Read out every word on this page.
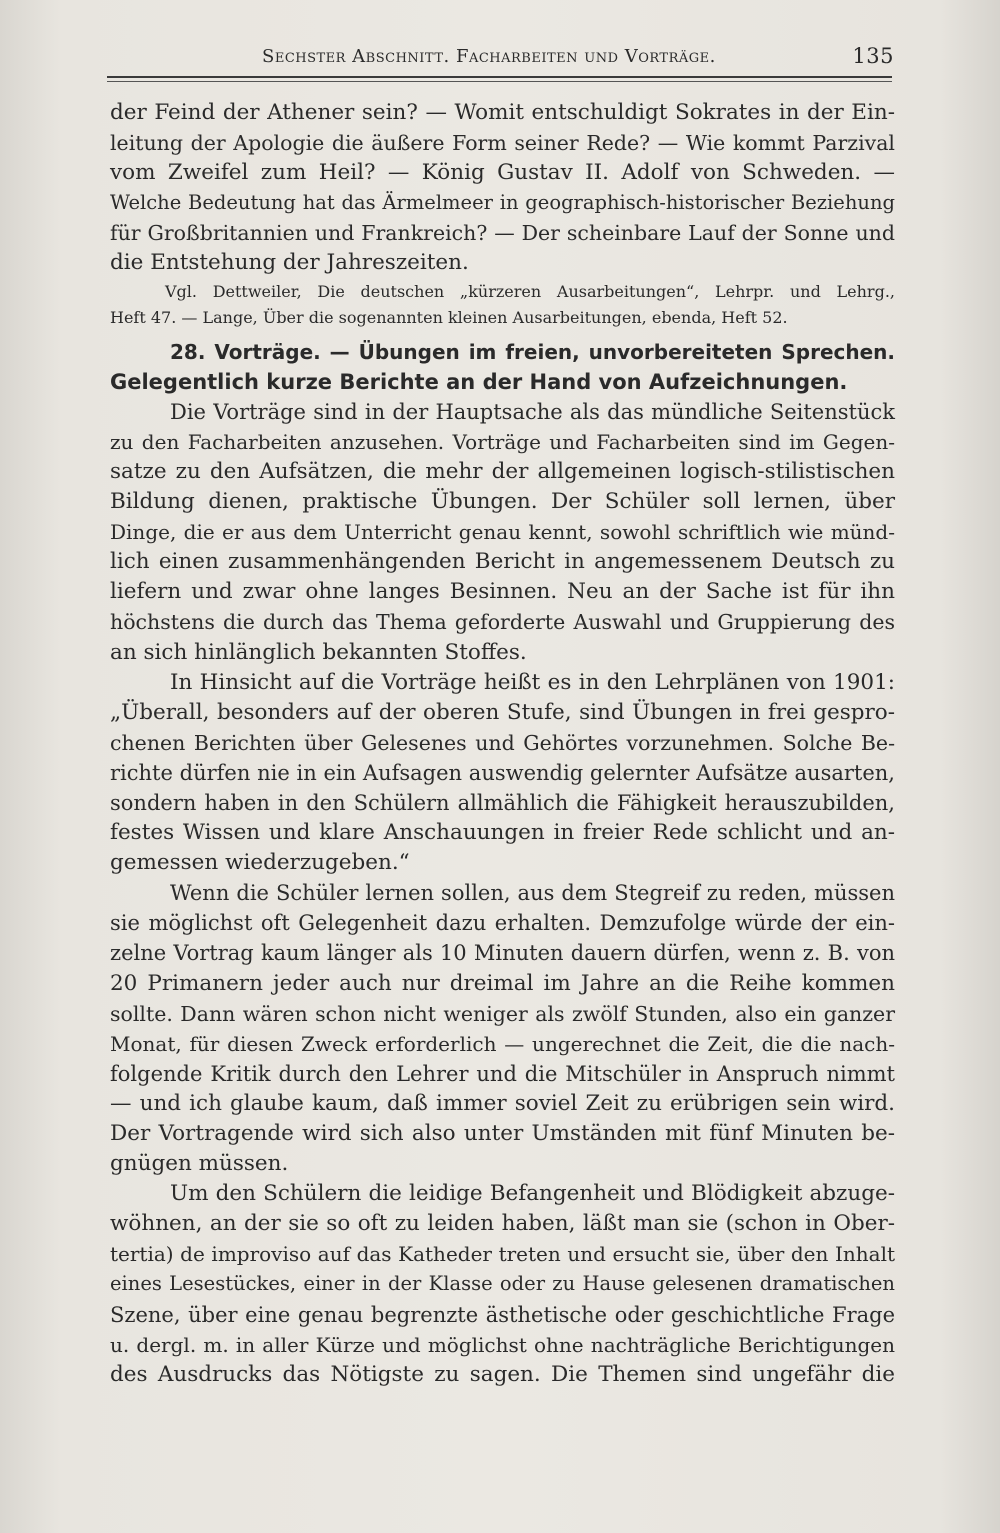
Sechster Abschnitt. Facharbeiten und Vorträge.	135
der Feind der Athener sein? — Womit entschuldigt Sokrates in der Ein-
leitung der Apologie die äußere Form seiner Rede? — Wie kommt Parzival
vom Zweifel zum Heil? — König Gustav II. Adolf von Schweden. —
Welche Bedeutung hat das Ärmelmeer in geographisch-historischer Beziehung
für Großbritannien und Frankreich? — Der scheinbare Lauf der Sonne und
die Entstehung der Jahreszeiten.
Vgl. Dettweiler, Die deutschen „kürzeren Ausarbeitungen“, Lehrpr. und Lehrg.,
Heft 47. — Lange, Über die sogenannten kleinen Ausarbeitungen, ebenda, Heft 52.
28. Vorträge. — Übungen im freien, unvorbereiteten Sprechen.
Gelegentlich kurze Berichte an der Hand von Aufzeichnungen.
Die Vorträge sind in der Hauptsache als das mündliche Seitenstück
zu den Facharbeiten anzusehen. Vorträge und Facharbeiten sind im Gegen-
satze zu den Aufsätzen, die mehr der allgemeinen logisch-stilistischen
Bildung dienen, praktische Übungen. Der Schüler soll lernen, über
Dinge, die er aus dem Unterricht genau kennt, sowohl schriftlich wie münd-
lich einen zusammenhängenden Bericht in angemessenem Deutsch zu
liefern und zwar ohne langes Besinnen. Neu an der Sache ist für ihn
höchstens die durch das Thema geforderte Auswahl und Gruppierung des
an sich hinlänglich bekannten Stoffes.
In Hinsicht auf die Vorträge heißt es in den Lehrplänen von 1901:
„Überall, besonders auf der oberen Stufe, sind Übungen in frei gespro-
chenen Berichten über Gelesenes und Gehörtes vorzunehmen. Solche Be-
richte dürfen nie in ein Aufsagen auswendig gelernter Aufsätze ausarten,
sondern haben in den Schülern allmählich die Fähigkeit herauszubilden,
festes Wissen und klare Anschauungen in freier Rede schlicht und an-
gemessen wiederzugeben.“
Wenn die Schüler lernen sollen, aus dem Stegreif zu reden, müssen
sie möglichst oft Gelegenheit dazu erhalten. Demzufolge würde der ein-
zelne Vortrag kaum länger als 10 Minuten dauern dürfen, wenn z. B. von
20 Primanern jeder auch nur dreimal im Jahre an die Reihe kommen
sollte. Dann wären schon nicht weniger als zwölf Stunden, also ein ganzer
Monat, für diesen Zweck erforderlich — ungerechnet die Zeit, die die nach-
folgende Kritik durch den Lehrer und die Mitschüler in Anspruch nimmt
— und ich glaube kaum, daß immer soviel Zeit zu erübrigen sein wird.
Der Vortragende wird sich also unter Umständen mit fünf Minuten be-
gnügen müssen.
Um den Schülern die leidige Befangenheit und Blödigkeit abzuge-
wöhnen, an der sie so oft zu leiden haben, läßt man sie (schon in Ober-
tertia) de improviso auf das Katheder treten und ersucht sie, über den Inhalt
eines Lesestückes, einer in der Klasse oder zu Hause gelesenen dramatischen
Szene, über eine genau begrenzte ästhetische oder geschichtliche Frage
u. dergl. m. in aller Kürze und möglichst ohne nachträgliche Berichtigungen
des Ausdrucks das Nötigste zu sagen. Die Themen sind ungefähr die
